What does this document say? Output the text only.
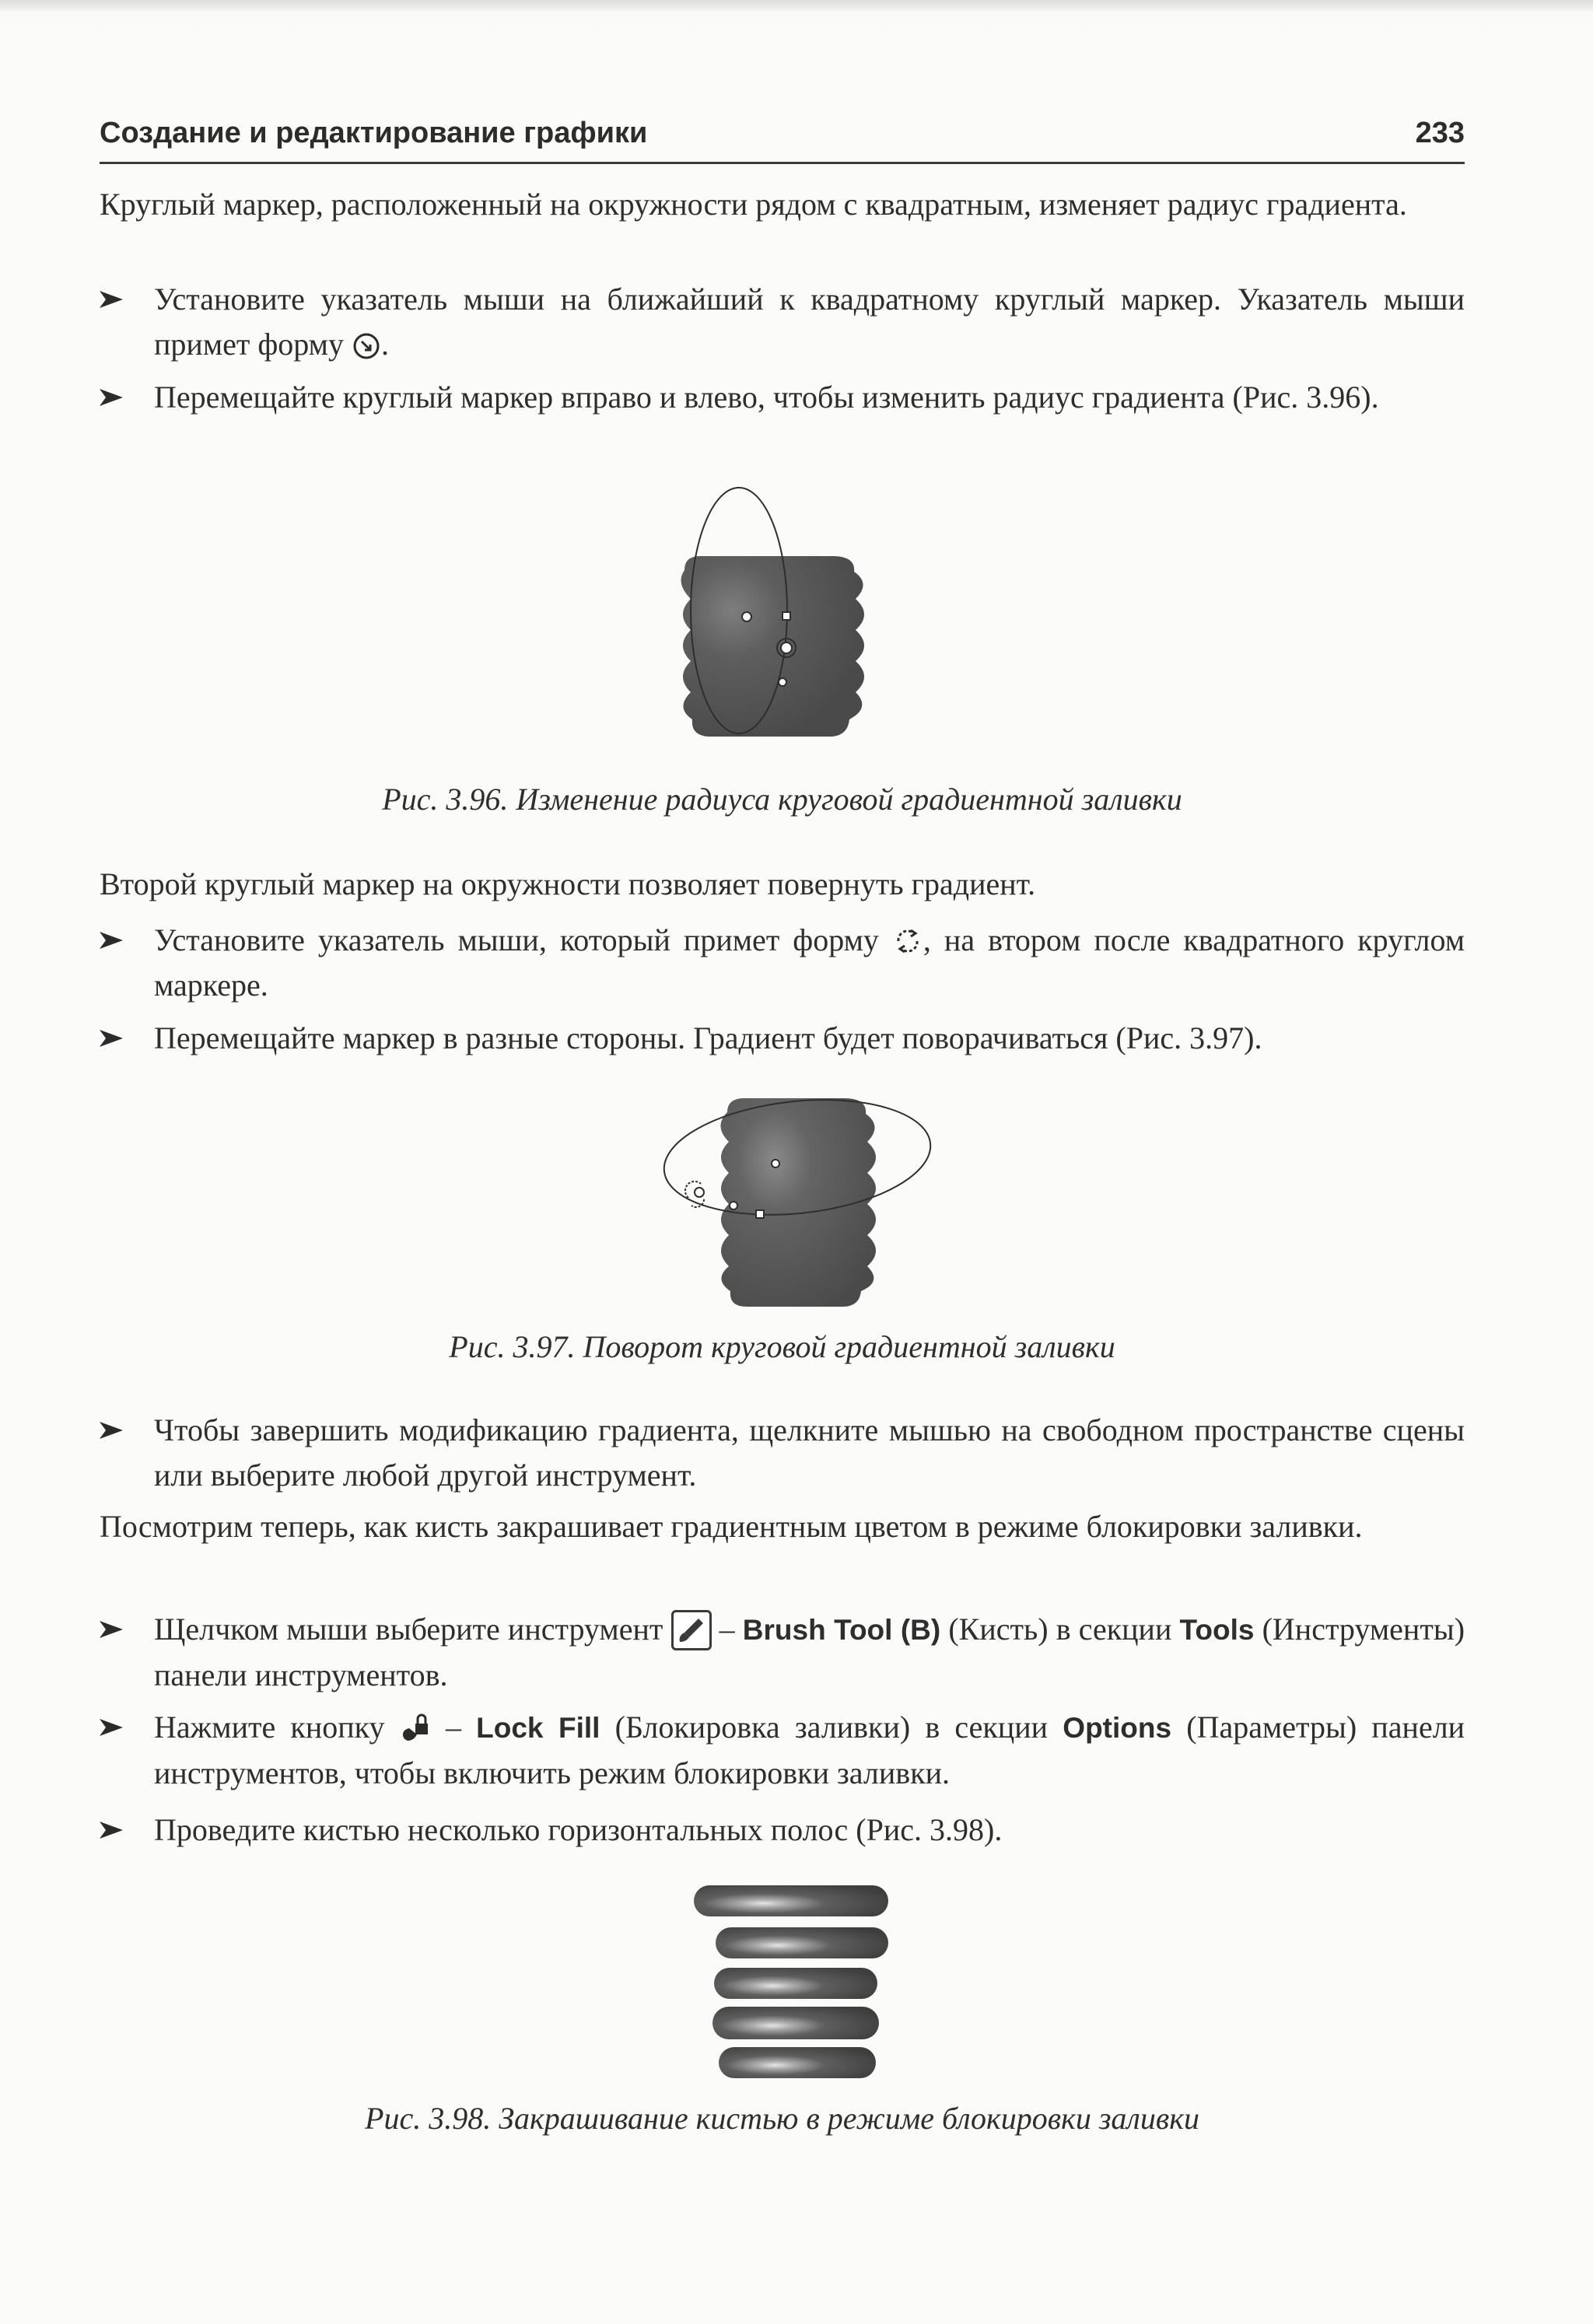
Создание и редактирование графики	233
Круглый маркер, расположенный на окружности рядом с квадратным, изменяет радиус градиента.
Установите указатель мыши на ближайший к квадратному круглый маркер. Указатель мыши примет форму .
Перемещайте круглый маркер вправо и влево, чтобы изменить радиус градиента (Рис. 3.96).
Рис. 3.96. Изменение радиуса круговой градиентной заливки
Второй круглый маркер на окружности позволяет повернуть градиент.
Установите указатель мыши, который примет форму , на втором после квадратного круглом маркере.
Перемещайте маркер в разные стороны. Градиент будет поворачиваться (Рис. 3.97).
Рис. 3.97. Поворот круговой градиентной заливки
Чтобы завершить модификацию градиента, щелкните мышью на свободном пространстве сцены или выберите любой другой инструмент.
Посмотрим теперь, как кисть закрашивает градиентным цветом в режиме блокировки заливки.
Щелчком мыши выберите инструмент
– Brush Tool (B) (Кисть) в секции Tools (Инструменты) панели инструментов.
Нажмите кнопку  – Lock Fill (Блокировка заливки) в секции Options (Параметры) панели инструментов, чтобы включить режим блокировки заливки.
Проведите кистью несколько горизонтальных полос (Рис. 3.98).
Рис. 3.98. Закрашивание кистью в режиме блокировки заливки
